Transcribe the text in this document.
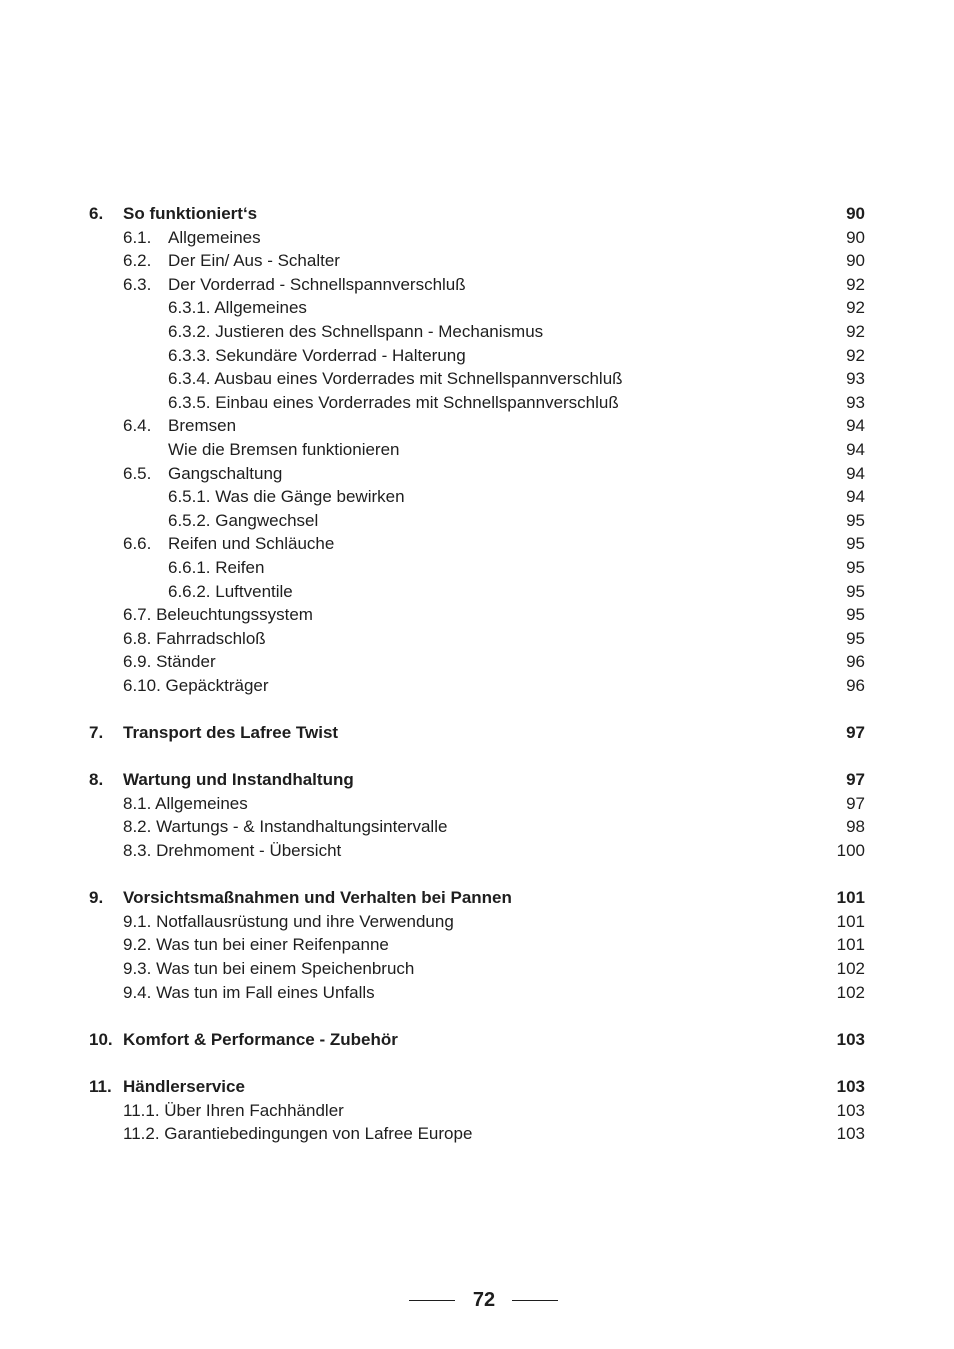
6. So funktioniert‘s	90
6.1. Allgemeines	90
6.2. Der Ein/ Aus - Schalter	90
6.3. Der Vorderrad - Schnellspannverschluß	92
6.3.1. Allgemeines	92
6.3.2. Justieren des Schnellspann - Mechanismus	92
6.3.3. Sekundäre Vorderrad - Halterung	92
6.3.4. Ausbau eines Vorderrades mit Schnellspannverschluß	93
6.3.5. Einbau eines Vorderrades mit Schnellspannverschluß	93
6.4. Bremsen	94
Wie die Bremsen funktionieren	94
6.5. Gangschaltung	94
6.5.1. Was die Gänge bewirken	94
6.5.2. Gangwechsel	95
6.6. Reifen und Schläuche	95
6.6.1. Reifen	95
6.6.2. Luftventile	95
6.7. Beleuchtungssystem	95
6.8. Fahrradschloß	95
6.9. Ständer	96
6.10. Gepäckträger	96
7. Transport des Lafree Twist	97
8. Wartung und Instandhaltung	97
8.1. Allgemeines	97
8.2. Wartungs - & Instandhaltungsintervalle	98
8.3. Drehmoment - Übersicht	100
9. Vorsichtsmaßnahmen und Verhalten bei Pannen	101
9.1. Notfallausrüstung und ihre Verwendung	101
9.2. Was tun bei einer Reifenpanne	101
9.3. Was tun bei einem Speichenbruch	102
9.4. Was tun im Fall eines Unfalls	102
10. Komfort & Performance - Zubehör	103
11. Händlerservice	103
11.1. Über Ihren Fachhändler	103
11.2. Garantiebedingungen von Lafree Europe	103
72
